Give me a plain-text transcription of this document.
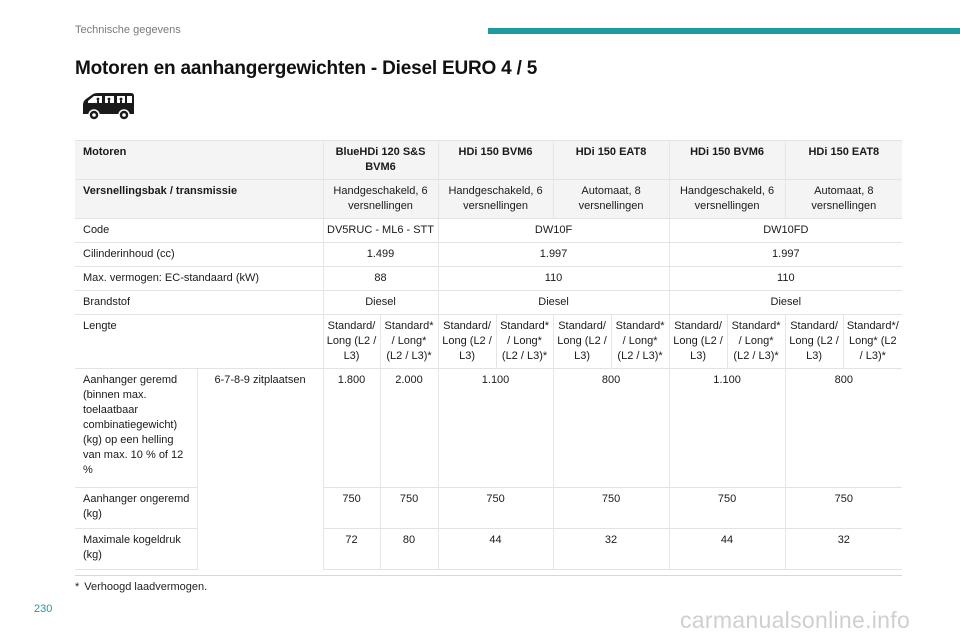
Technische gegevens
Motoren en aanhangergewichten - Diesel EURO 4 / 5
Motoren		BlueHDi 120 S&S BVM6		HDi 150 BVM6		HDi 150 EAT8		HDi 150 BVM6		HDi 150 EAT8	
Versnellingsbak / transmissie		Handgeschakeld, 6 versnellingen		Handgeschakeld, 6 versnellingen		Automaat, 8 versnellingen		Handgeschakeld, 6 versnellingen		Automaat, 8 versnellingen	
Code		DV5RUC - ML6 - STT		DW10F				DW10FD			
Cilinderinhoud (cc)		1.499		1.997				1.997			
Max. vermogen: EC-standaard (kW)		88		110				110			
Brandstof		Diesel		Diesel				Diesel			
Lengte		Standard/ Long (L2 / L3)	Standard*/ Long* (L2 / L3)*	Standard/ Long (L2 / L3)	Standard*/ Long* (L2 / L3)*	Standard/ Long (L2 / L3)	Standard*/ Long* (L2 / L3)*	Standard/ Long (L2 / L3)	Standard*/ Long* (L2 / L3)*	Standard/ Long (L2 / L3)	Standard*/ Long* (L2 / L3)*
Aanhanger geremd (binnen max. toelaatbaar combinatiegewicht) (kg) op een helling van max. 10 % of 12 %	6-7-8-9 zitplaatsen	1.800	2.000	1.100		800		1.100		800	
Aanhanger ongeremd (kg)		750	750	750		750		750		750	
Maximale kogeldruk (kg)		72	80	44		32		44		32	
* Verhoogd laadvermogen.
230	carmanualsonline.info
